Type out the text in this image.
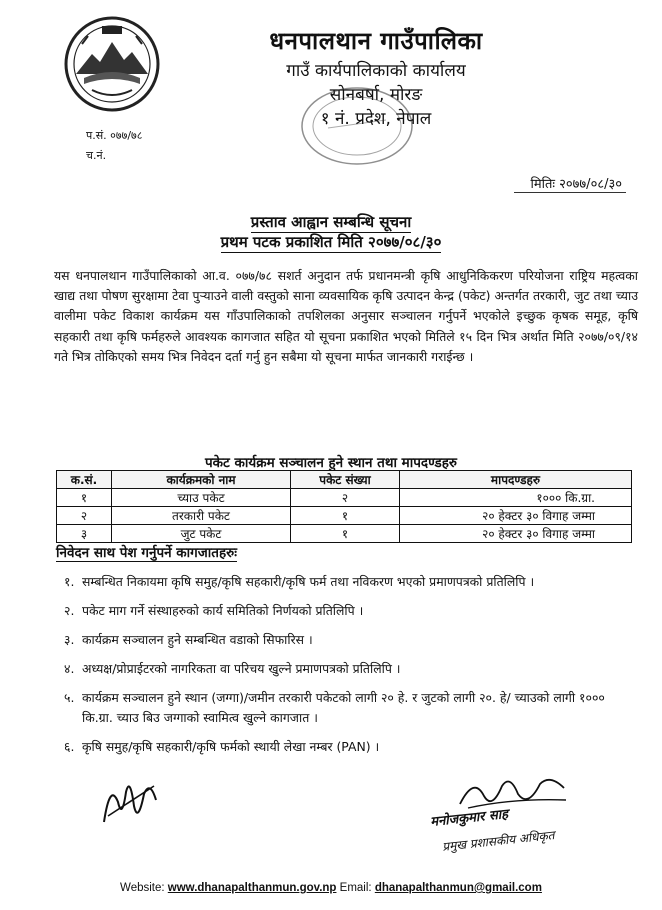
धनपालथान गाउँपालिका
गाउँ कार्यपालिकाको कार्यालय
सोनबर्षा, मोरङ
१ नं. प्रदेश, नेपाल
प.सं. ०७७/७८
च.नं.
मितिः २०७७/०८/३०
प्रस्ताव आह्वान सम्बन्धि सूचना
प्रथम पटक प्रकाशित मिति २०७७/०८/३०
यस धनपालथान गाउँपालिकाको आ.व. ०७७/७८ सशर्त अनुदान तर्फ प्रधानमन्त्री कृषि आधुनिकिकरण परियोजना राष्ट्रिय महत्वका खाद्य तथा पोषण सुरक्षामा टेवा पुऱ्याउने वाली वस्तुको साना व्यवसायिक कृषि उत्पादन केन्द्र (पकेट) अन्तर्गत तरकारी, जुट तथा च्याउ वालीमा पकेट विकाश कार्यक्रम यस गाँउपालिकाको तपशिलका अनुसार सञ्चालन गर्नुपर्ने भएकोले इच्छुक कृषक समूह, कृषि सहकारी तथा कृषि फर्महरुले आवश्यक कागजात सहित यो सूचना प्रकाशित भएको मितिले १५ दिन भित्र अर्थात मिति २०७७/०९/१४ गते भित्र तोकिएको समय भित्र निवेदन दर्ता गर्नु हुन सबैमा यो सूचना मार्फत जानकारी गराईन्छ ।
पकेट कार्यक्रम सञ्चालन हुने स्थान तथा मापदण्डहरु
क.सं.	कार्यक्रमको नाम	पकेट संख्या	मापदण्डहरु
१	च्याउ पकेट	२	१००० कि.ग्रा.
२	तरकारी पकेट	१	२० हेक्टर ३० विगाह जम्मा
३	जुट पकेट	१	२० हेक्टर ३० विगाह जम्मा
निवेदन साथ पेश गर्नुपर्ने कागजातहरुः
१. सम्बन्धित निकायमा कृषि समुह/कृषि सहकारी/कृषि फर्म तथा नविकरण भएको प्रमाणपत्रको प्रतिलिपि ।
२. पकेट माग गर्ने संस्थाहरुको कार्य समितिको निर्णयको प्रतिलिपि ।
३. कार्यक्रम सञ्चालन हुने सम्बन्धित वडाको सिफारिस ।
४. अध्यक्ष/प्रोप्राईटरको नागरिकता वा परिचय खुल्ने प्रमाणपत्रको प्रतिलिपि ।
५. कार्यक्रम सञ्चालन हुने स्थान (जग्गा)/जमीन तरकारी पकेटको लागी २० हे. र जुटको लागी २०. हे/ च्याउको लागी १००० कि.ग्रा. च्याउ बिउ जग्गाको स्वामित्व खुल्ने कागजात ।
६. कृषि समुह/कृषि सहकारी/कृषि फर्मको स्थायी लेखा नम्बर (PAN) ।
मनोजकुमार साह
प्रमुख प्रशासकीय अधिकृत
Website: www.dhanapalthanmun.gov.np Email: dhanapalthanmun@gmail.com
